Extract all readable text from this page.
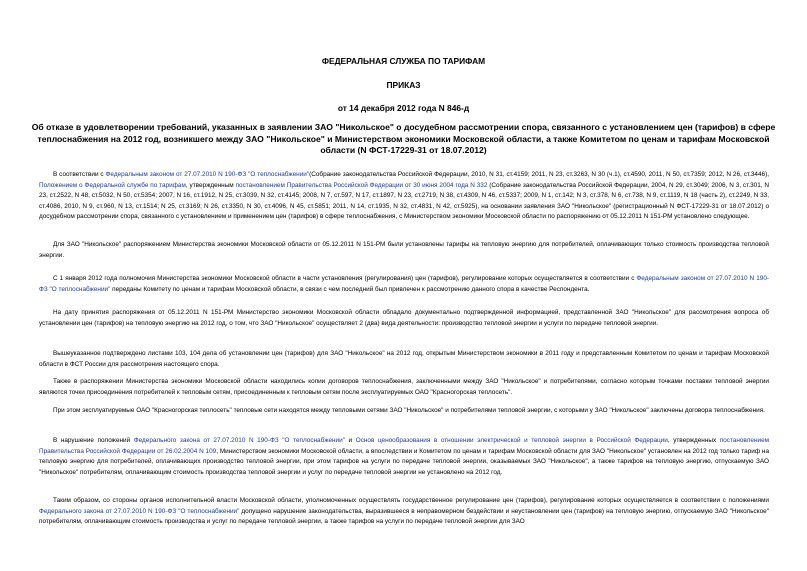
ФЕДЕРАЛЬНАЯ СЛУЖБА ПО ТАРИФАМ
ПРИКАЗ
от 14 декабря 2012 года N 846-д
Об отказе в удовлетворении требований, указанных в заявлении ЗАО "Никольское" о досудебном рассмотрении спора, связанного с установлением цен (тарифов) в сфере теплоснабжения на 2012 год, возникшего между ЗАО "Никольское" и Министерством экономики Московской области, а также Комитетом по ценам и тарифам Московской области (N ФСТ-17229-31 от 18.07.2012)
В соответствии с Федеральным законом от 27.07.2010 N 190-ФЗ "О теплоснабжении"(Собрание законодательства Российской Федерации, 2010, N 31, ст.4159; 2011, N 23, ст.3263, N 30 (ч.1), ст.4590, 2011, N 50, ст.7359; 2012, N 26, ст.3446), Положением о Федеральной службе по тарифам, утвержденным постановлением Правительства Российской Федерации от 30 июня 2004 года N 332 (Собрание законодательства Российской Федерации, 2004, N 29, ст.3049; 2006, N 3, ст.301, N 23, ст.2522, N 48, ст.5032, N 50, ст.5354; 2007, N 16, ст.1912, N 25, ст.3039, N 32, ст.4145; 2008, N 7, ст.597, N 17, ст.1897, N 23, ст.2719, N 38, ст.4309, N 46, ст.5337; 2009, N 1, ст.142; N 3, ст.378, N 6, ст.738, N 9, ст.1119, N 18 (часть 2), ст.2249, N 33, ст.4086, 2010, N 9, ст.960, N 13, ст.1514; N 25, ст.3169; N 26, ст.3350, N 30, ст.4096, N 45, ст.5851; 2011, N 14, ст.1935, N 32, ст.4831, N 42, ст.5925), на основании заявления ЗАО "Никольское" (регистрационный N ФСТ-17229-31 от 18.07.2012) о досудебном рассмотрении спора, связанного с установлением и применением цен (тарифов) в сфере теплоснабжения, с Министерством экономики Московской области по распоряжению от 05.12.2011 N 151-РМ установлено следующее.
Для ЗАО "Никольское" распоряжением Министерства экономики Московской области от 05.12.2011 N 151-РМ были установлены тарифы на тепловую энергию для потребителей, оплачивающих только стоимость производства тепловой энергии.
С 1 января 2012 года полномочия Министерства экономики Московской области в части установления (регулирования) цен (тарифов), регулирование которых осуществляется в соответствии с Федеральным законом от 27.07.2010 N 190-ФЗ "О теплоснабжении" переданы Комитету по ценам и тарифам Московской области, в связи с чем последний был привлечен к рассмотрению данного спора в качестве Респондента.
На дату принятия распоряжения от 05.12.2011 N 151-РМ Министерство экономики Московской области обладало документально подтвержденной информацией, представленной ЗАО "Никольское" для рассмотрения вопроса об установлении цен (тарифов) на тепловую энергию на 2012 год, о том, что ЗАО "Никольское" осуществляет 2 (два) вида деятельности: производство тепловой энергии и услуги по передаче тепловой энергии.
Вышеуказанное подтверждено листами 103, 104 дела об установлении цен (тарифов) для ЗАО "Никольское" на 2012 год, открытым Министерством экономики в 2011 году и представленным Комитетом по ценам и тарифам Московской области в ФСТ России для рассмотрения настоящего спора.
Также в распоряжении Министерства экономики Московской области находились копии договоров теплоснабжения, заключенными между ЗАО "Никольское" и потребителями, согласно которым точками поставки тепловой энергии являются точки присоединения потребителей к тепловым сетям, присоединенным к тепловым сетям после эксплуатируемых ОАО "Красногорская теплосеть".
При этом эксплуатируемые ОАО "Красногорская теплосеть" тепловые сети находятся между тепловыми сетями ЗАО "Никольское" и потребителями тепловой энергии, с которыми у ЗАО "Никольское" заключены договора теплоснабжения.
В нарушение положений Федерального закона от 27.07.2010 N 190-ФЗ "О теплоснабжении" и Основ ценообразования в отношении электрической и тепловой энергии в Российской Федерации, утвержденных постановлением Правительства Российской Федерации от 26.02.2004 N 109, Министерством экономики Московской области, а впоследствии и Комитетом по ценам и тарифам Московской области для ЗАО "Никольское" установлен на 2012 год только тариф на тепловую энергию для потребителей, оплачивающих производство тепловой энергии, при этом тарифов на услуги по передаче тепловой энергии, оказываемых ЗАО "Никольское", а также тарифов на тепловую энергию, отпускаемую ЗАО "Никольское" потребителям, оплачивающим стоимость производства тепловой энергии и услуг по передаче тепловой энергии не установлено на 2012 год.
Таким образом, со стороны органов исполнительной власти Московской области, уполномоченных осуществлять государственное регулирование цен (тарифов), регулирование которых осуществляется в соответствии с положениями Федерального закона от 27.07.2010 N 190-ФЗ "О теплоснабжении" допущено нарушение законодательства, выразившееся в неправомерном бездействии и неустановлении цен (тарифов) на тепловую энергию, отпускаемую ЗАО "Никольское" потребителям, оплачивающим стоимость производства и услуг по передаче тепловой энергии, а также тарифов на услуги по передаче тепловой энергии для ЗАО
